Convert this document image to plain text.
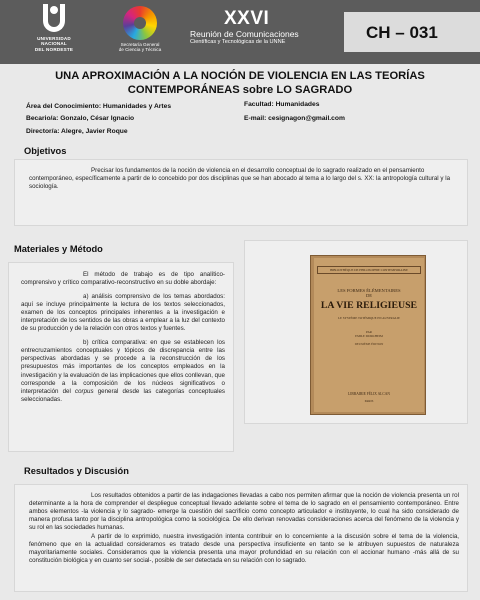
UNIVERSIDAD
NACIONAL
DEL NORDESTE
Secretaría General
de Ciencia y Técnica
XXVI
Reunión de Comunicaciones
Científicas y Tecnológicas de la UNNE	CH – 031
UNA APROXIMACIÓN A LA NOCIÓN DE VIOLENCIA EN LAS TEORÍAS
CONTEMPORÁNEAS sobre LO SAGRADO
Área del Conocimiento: Humanidades y Artes
Becario/a: Gonzalo, César Ignacio
Director/a: Alegre, Javier Roque
Facultad: Humanidades
E-mail: cesignagon@gmail.com
Objetivos
Precisar los fundamentos de la noción de violencia en el desarrollo conceptual de lo sagrado realizado en el pensamiento contemporáneo, específicamente a partir de lo concebido por dos disciplinas que se han abocado al tema a lo largo del s. XX: la antropología cultural y la sociología.
Materiales y Método

El método de trabajo es de tipo analítico-comprensivo y crítico comparativo-reconstructivo en su doble abordaje:

a) análisis comprensivo de los temas abordados: aquí se incluye principalmente la lectura de los textos seleccionados, examen de los conceptos principales inherentes a la investigación e interpretación de los sentidos de las obras a emplear a la luz del contexto de su producción y de la relación con otros textos y fuentes.

b) crítica comparativa: en que se establecen los entrecruzamientos conceptuales y tópicos de discrepancia entre las perspectivas abordadas y se procede a la reconstrucción de los presupuestos más importantes de los conceptos empleados en la investigación y la evaluación de las implicaciones que ellos conllevan, que corresponde a la composición de los núcleos significativos o interpretación del corpus general desde las categorías conceptuales seleccionadas.

BIBLIOTHÈQUE DE PHILOSOPHIE CONTEMPORAINE
LES FORMES ÉLÉMENTAIRES
DE
LA VIE RELIGIEUSE
LE SYSTÈME TOTÉMIQUE EN AUSTRALIE
PAR
EMILE DURKHEIM
DEUXIÈME ÉDITION
LIBRAIRIE FÉLIX ALCAN
PARIS
Resultados y Discusión

Los resultados obtenidos a partir de las indagaciones llevadas a cabo nos permiten afirmar que la noción de violencia presenta un rol determinante a la hora de comprender el despliegue conceptual llevado adelante sobre el tema de lo sagrado en el pensamiento contemporáneo. Entre ambos elementos -la violencia y lo sagrado- emerge la cuestión del sacrificio como concepto articulador e instituyente, lo cual ha sido considerado de manera profusa tanto por la disciplina antropológica como la sociológica. De ello derivan renovadas consideraciones acerca del fenómeno de la violencia y su rol en las sociedades humanas.

A partir de lo exprimido, nuestra investigación intenta contribuir en lo concerniente a la discusión sobre el tema de la violencia, fenómeno que en la actualidad consideramos es tratado desde una perspectiva insuficiente en tanto se le atribuyen supuestos de naturaleza mayoritariamente sociales. Consideramos que la violencia presenta una mayor profundidad en su relación con el accionar humano -más allá de su constitución biológica y en cuanto ser social-, posible de ser detectada en su relación con lo sagrado.
